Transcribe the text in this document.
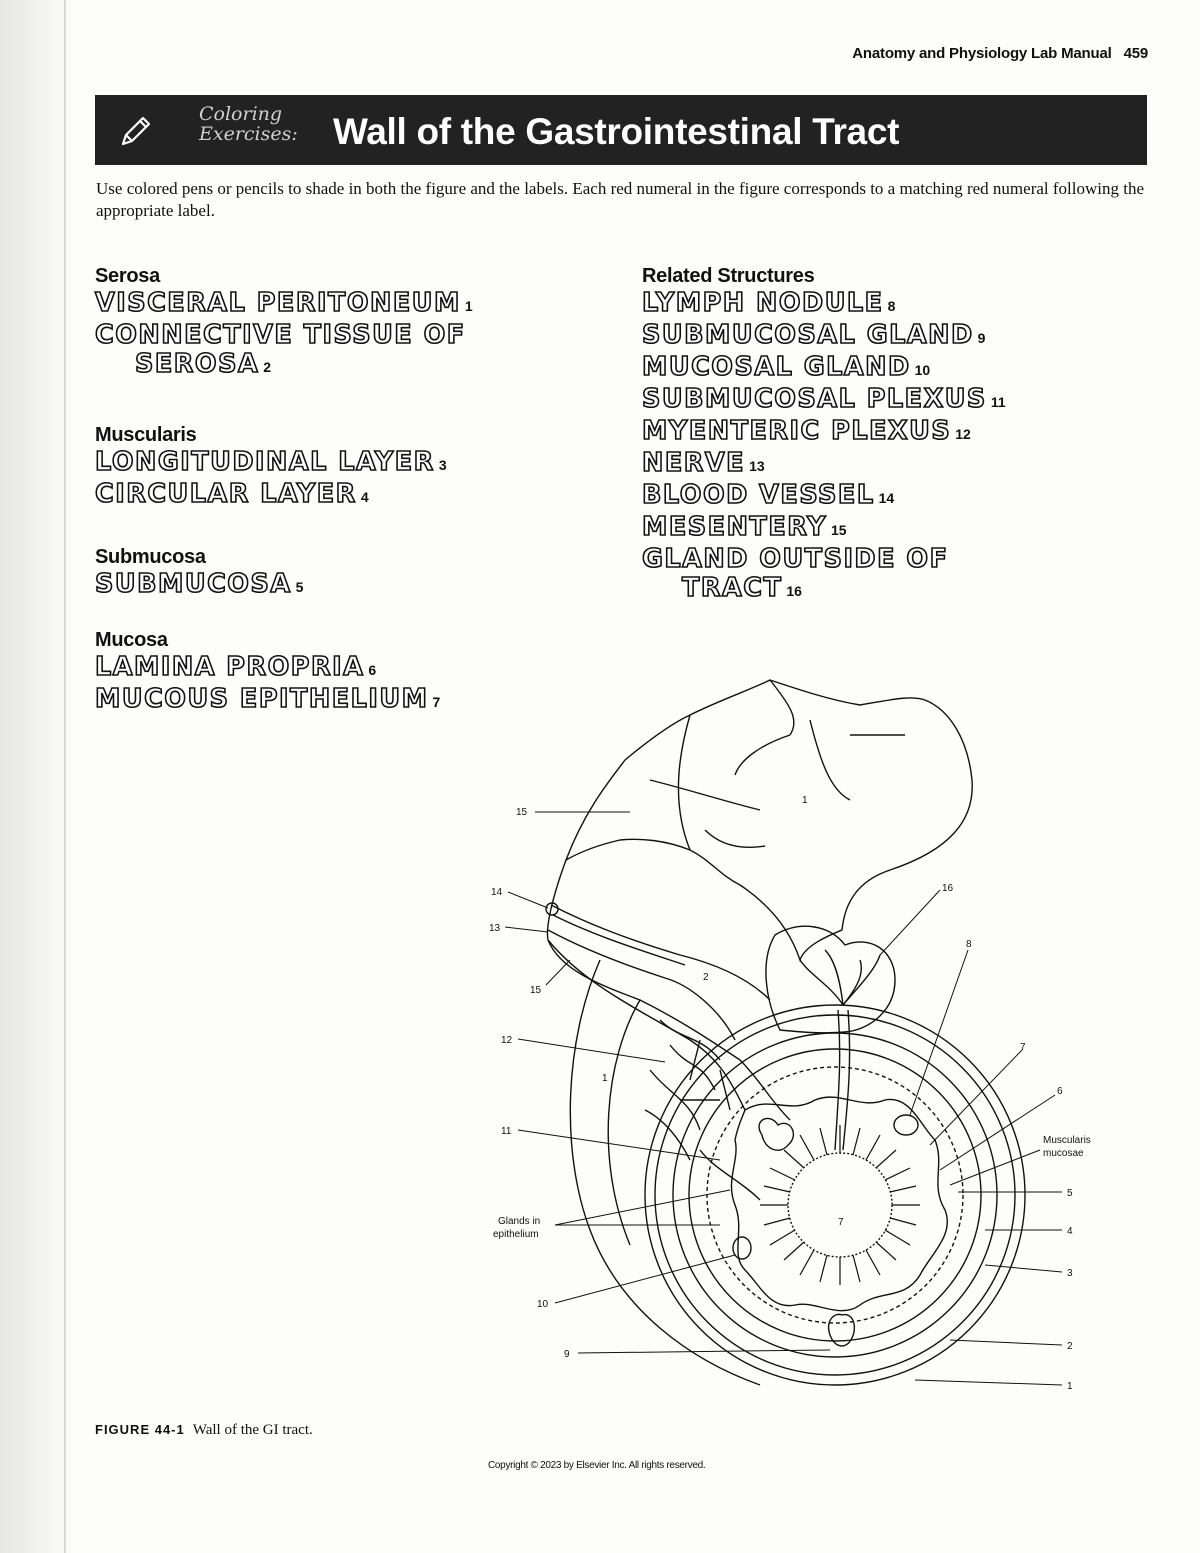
Anatomy and Physiology Lab Manual 459
Coloring
Exercises: Wall of the Gastrointestinal Tract
Use colored pens or pencils to shade in both the figure and the labels. Each red numeral in the figure corresponds to a matching red numeral following the appropriate label.
Serosa
VISCERAL PERITONEUM 1
CONNECTIVE TISSUE OF
SEROSA 2
Muscularis
LONGITUDINAL LAYER 3
CIRCULAR LAYER 4
Submucosa
SUBMUCOSA 5
Mucosa
LAMINA PROPRIA 6
MUCOUS EPITHELIUM 7
Related Structures
LYMPH NODULE 8
SUBMUCOSAL GLAND 9
MUCOSAL GLAND 10
SUBMUCOSAL PLEXUS 11
MYENTERIC PLEXUS 12
NERVE 13
BLOOD VESSEL 14
MESENTERY 15
GLAND OUTSIDE OF
TRACT 16
15
1
16
8
14
13
2
15
12
7
6
1
11
Muscularis
mucosae
5
Glands in
epithelium
7
4
3
10
9
2
1
FIGURE 44-1 Wall of the GI tract.
Copyright © 2023 by Elsevier Inc. All rights reserved.
